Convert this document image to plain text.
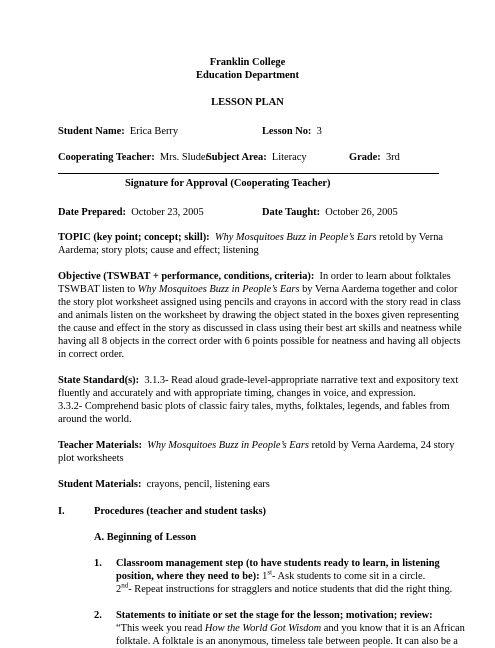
Franklin College
Education Department
LESSON PLAN
Student Name: Erica Berry	Lesson No: 3
Cooperating Teacher: Mrs. Sluder
Subject Area: Literacy	Grade: 3rd
Signature for Approval (Cooperating Teacher)
Date Prepared: October 23, 2005	Date Taught: October 26, 2005
TOPIC (key point; concept; skill): Why Mosquitoes Buzz in People’s Ears retold by Verna
Aardema; story plots; cause and effect; listening
Objective (TSWBAT + performance, conditions, criteria): In order to learn about folktales
TSWBAT listen to Why Mosquitoes Buzz in People’s Ears by Verna Aardema together and color
the story plot worksheet assigned using pencils and crayons in accord with the story read in class
and animals listen on the worksheet by drawing the object stated in the boxes given representing
the cause and effect in the story as discussed in class using their best art skills and neatness while
having all 8 objects in the correct order with 6 points possible for neatness and having all objects
in correct order.
State Standard(s): 3.1.3- Read aloud grade-level-appropriate narrative text and expository text
fluently and accurately and with appropriate timing, changes in voice, and expression.
3.3.2- Comprehend basic plots of classic fairy tales, myths, folktales, legends, and fables from
around the world.
Teacher Materials: Why Mosquitoes Buzz in People’s Ears retold by Verna Aardema, 24 story
plot worksheets
Student Materials: crayons, pencil, listening ears
I.	Procedures (teacher and student tasks)
A. Beginning of Lesson
1. Classroom management step (to have students ready to learn, in listening
position, where they need to be): 1st- Ask students to come sit in a circle.
2nd- Repeat instructions for stragglers and notice students that did the right thing.
2. Statements to initiate or set the stage for the lesson; motivation; review:
“This week you read How the World Got Wisdom and you know that it is an African
folktale. A folktale is an anonymous, timeless tale between people. It can also be a
